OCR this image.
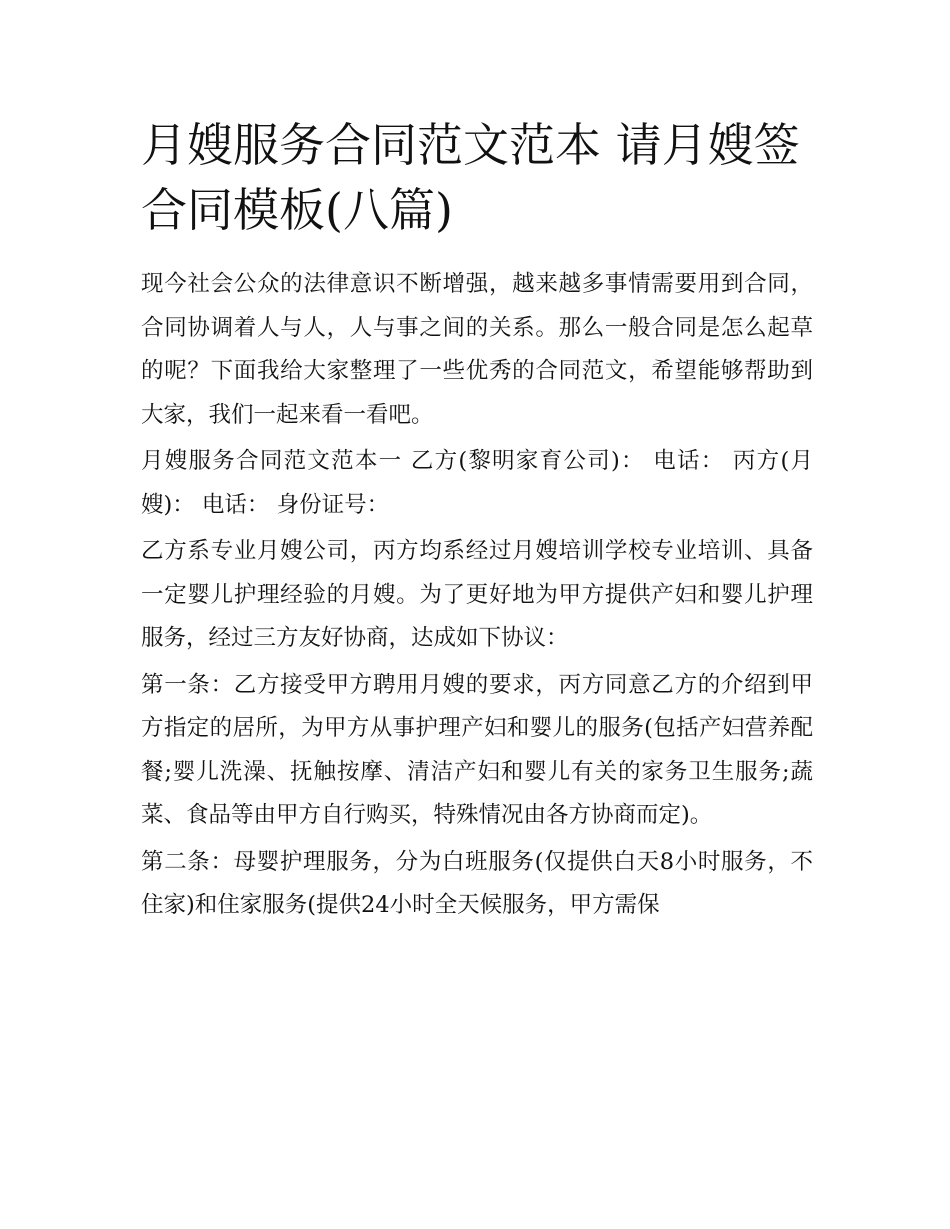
月嫂服务合同范文范本 请月嫂签合同模板(八篇)

现今社会公众的法律意识不断增强，越来越多事情需要用到合同，合同协调着人与人，人与事之间的关系。那么一般合同是怎么起草的呢？下面我给大家整理了一些优秀的合同范文，希望能够帮助到大家，我们一起来看一看吧。

月嫂服务合同范文范本一 乙方(黎明家育公司)： 电话： 丙方(月嫂)： 电话： 身份证号：

乙方系专业月嫂公司，丙方均系经过月嫂培训学校专业培训、具备一定婴儿护理经验的月嫂。为了更好地为甲方提供产妇和婴儿护理服务，经过三方友好协商，达成如下协议：

第一条：乙方接受甲方聘用月嫂的要求，丙方同意乙方的介绍到甲方指定的居所，为甲方从事护理产妇和婴儿的服务(包括产妇营养配餐;婴儿洗澡、抚触按摩、清洁产妇和婴儿有关的家务卫生服务;蔬菜、食品等由甲方自行购买，特殊情况由各方协商而定)。

第二条：母婴护理服务，分为白班服务(仅提供白天8小时服务，不住家)和住家服务(提供24小时全天候服务，甲方需保
